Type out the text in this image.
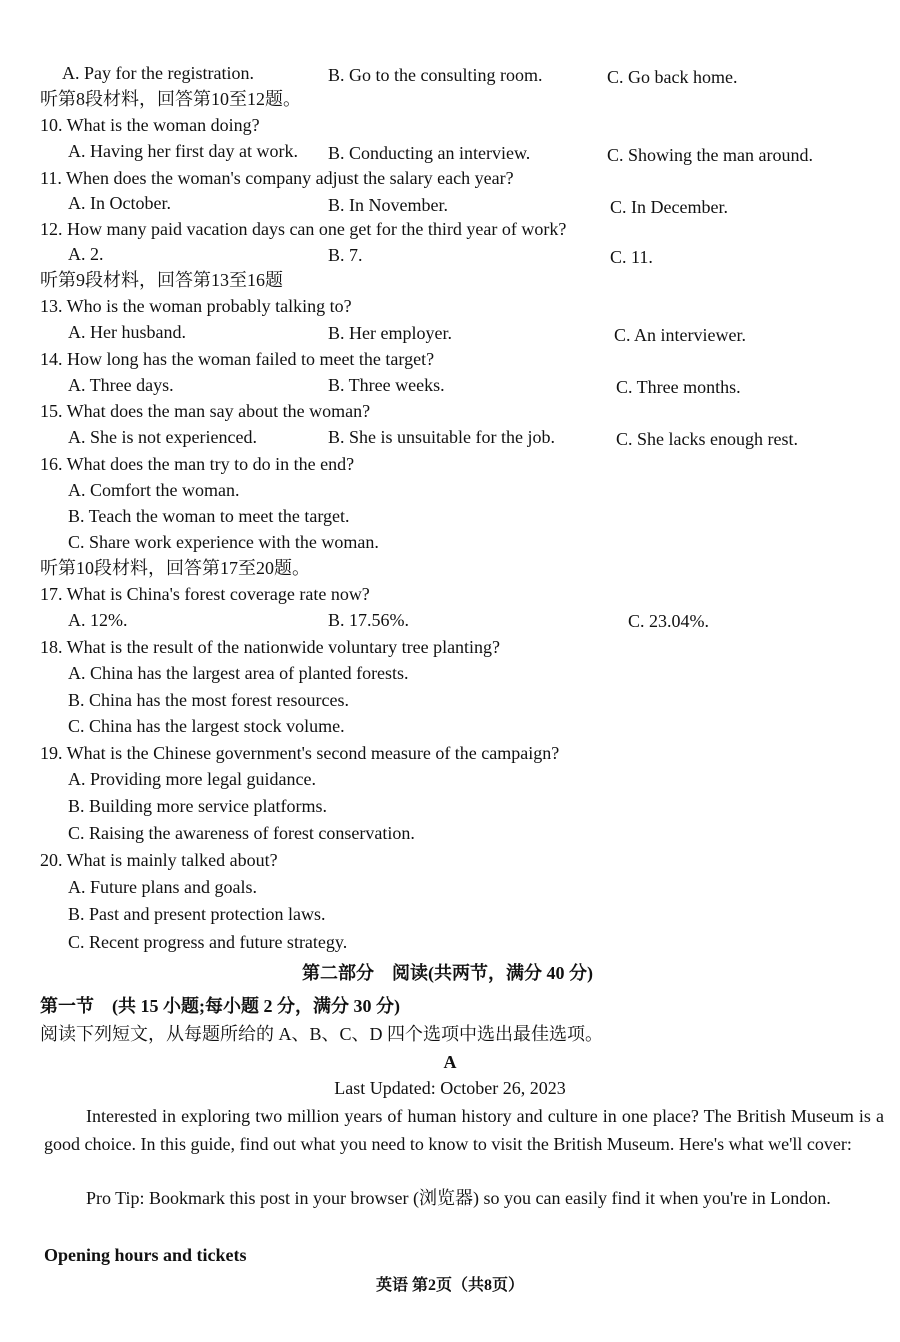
A. Pay for the registration.	B. Go to the consulting room.	C. Go back home.
听第8段材料，回答第10至12题。
10. What is the woman doing?
A. Having her first day at work. B. Conducting an interview.	C. Showing the man around.
11. When does the woman's company adjust the salary each year?
A. In October.	B. In November.	C. In December.
12. How many paid vacation days can one get for the third year of work?
A. 2.	B. 7.	C. 11.
听第9段材料，回答第13至16题
13. Who is the woman probably talking to?
A. Her husband.	B. Her employer.	C. An interviewer.
14. How long has the woman failed to meet the target?
A. Three days.	B. Three weeks.	C. Three months.
15. What does the man say about the woman?
A. She is not experienced.	B. She is unsuitable for the job.	C. She lacks enough rest.
16. What does the man try to do in the end?
A. Comfort the woman.
B. Teach the woman to meet the target.
C. Share work experience with the woman.
听第10段材料，回答第17至20题。
17. What is China's forest coverage rate now?
A. 12%.	B. 17.56%.	C. 23.04%.
18. What is the result of the nationwide voluntary tree planting?
A. China has the largest area of planted forests.
B. China has the most forest resources.
C. China has the largest stock volume.
19. What is the Chinese government's second measure of the campaign?
A. Providing more legal guidance.
B. Building more service platforms.
C. Raising the awareness of forest conservation.
20. What is mainly talked about?
A. Future plans and goals.
B. Past and present protection laws.
C. Recent progress and future strategy.
第二部分　阅读(共两节，满分 40 分)
第一节　(共 15 小题;每小题 2 分，满分 30 分)
阅读下列短文，从每题所给的 A、B、C、D 四个选项中选出最佳选项。
A
Last Updated: October 26, 2023
Interested in exploring two million years of human history and culture in one place? The British Museum is a good choice. In this guide, find out what you need to know to visit the British Museum. Here's what we'll cover:
Pro Tip: Bookmark this post in your browser (浏览器) so you can easily find it when you're in London.
Opening hours and tickets
英语 第2页（共8页）
